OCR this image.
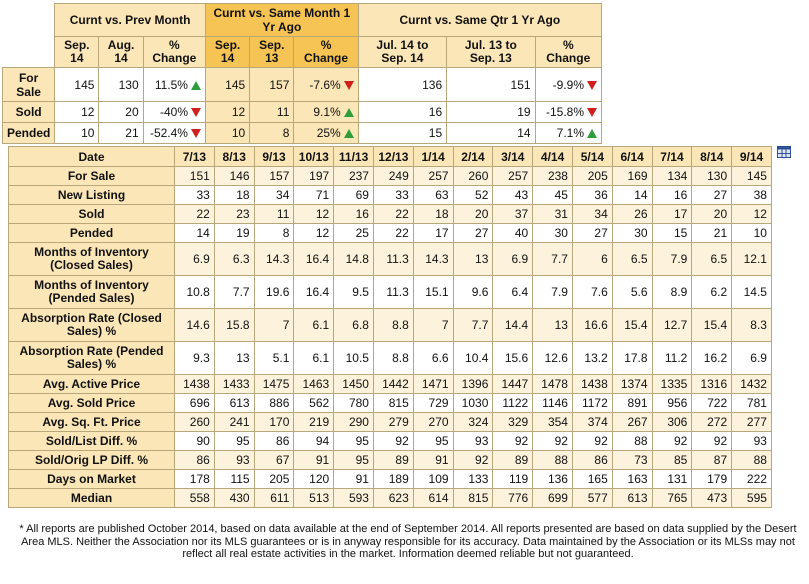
	Curnt vs. Prev Month			Curnt vs. Same Month 1 Yr Ago			Curnt vs. Same Qtr 1 Yr Ago		
	Sep. 14	Aug. 14	% Change	Sep. 14	Sep. 13	% Change	Jul. 14 to Sep. 14	Jul. 13 to Sep. 13	% Change
For Sale	145	130	11.5%	145	157	-7.6%	136	151	-9.9%
Sold	12	20	-40%	12	11	9.1%	16	19	-15.8%
Pended	10	21	-52.4%	10	8	25%	15	14	7.1%
Date	7/13	8/13	9/13	10/13	11/13	12/13	1/14	2/14	3/14	4/14	5/14	6/14	7/14	8/14	9/14
For Sale	151	146	157	197	237	249	257	260	257	238	205	169	134	130	145
New Listing	33	18	34	71	69	33	63	52	43	45	36	14	16	27	38
Sold	22	23	11	12	16	22	18	20	37	31	34	26	17	20	12
Pended	14	19	8	12	25	22	17	27	40	30	27	30	15	21	10
Months of Inventory (Closed Sales)	6.9	6.3	14.3	16.4	14.8	11.3	14.3	13	6.9	7.7	6	6.5	7.9	6.5	12.1
Months of Inventory (Pended Sales)	10.8	7.7	19.6	16.4	9.5	11.3	15.1	9.6	6.4	7.9	7.6	5.6	8.9	6.2	14.5
Absorption Rate (Closed Sales) %	14.6	15.8	7	6.1	6.8	8.8	7	7.7	14.4	13	16.6	15.4	12.7	15.4	8.3
Absorption Rate (Pended Sales) %	9.3	13	5.1	6.1	10.5	8.8	6.6	10.4	15.6	12.6	13.2	17.8	11.2	16.2	6.9
Avg. Active Price	1438	1433	1475	1463	1450	1442	1471	1396	1447	1478	1438	1374	1335	1316	1432
Avg. Sold Price	696	613	886	562	780	815	729	1030	1122	1146	1172	891	956	722	781
Avg. Sq. Ft. Price	260	241	170	219	290	279	270	324	329	354	374	267	306	272	277
Sold/List Diff. %	90	95	86	94	95	92	95	93	92	92	92	88	92	92	93
Sold/Orig LP Diff. %	86	93	67	91	95	89	91	92	89	88	86	73	85	87	88
Days on Market	178	115	205	120	91	189	109	133	119	136	165	163	131	179	222
Median	558	430	611	513	593	623	614	815	776	699	577	613	765	473	595
* All reports are published October 2014, based on data available at the end of September 2014. All reports presented are based on data supplied by the Desert Area MLS. Neither the Association nor its MLS guarantees or is in anyway responsible for its accuracy. Data maintained by the Association or its MLSs may not reflect all real estate activities in the market. Information deemed reliable but not guaranteed.
